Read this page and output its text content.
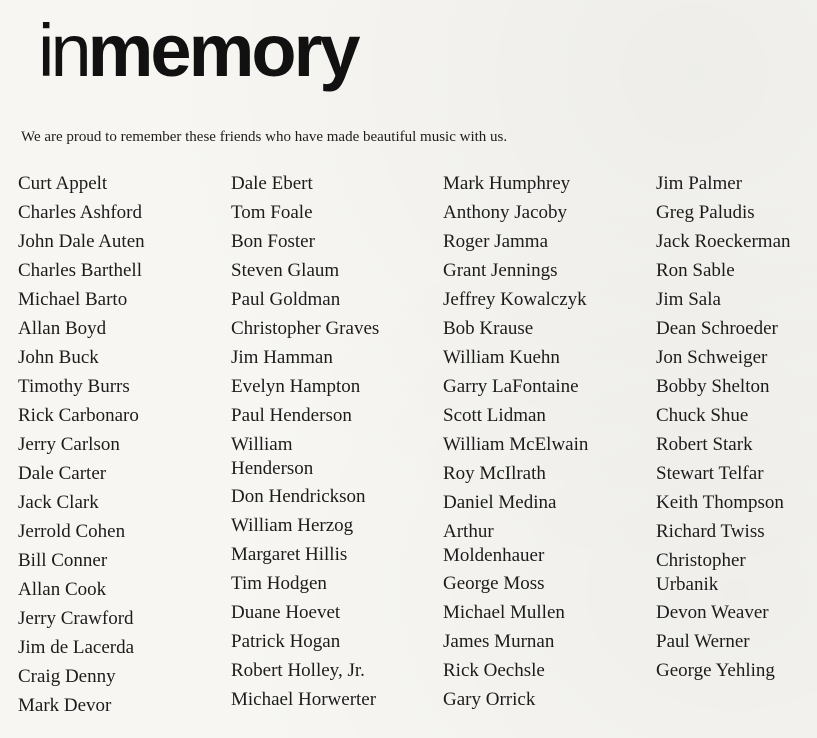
inmemory

We are proud to remember these friends who have made beautiful music with us.

Curt Appelt
Charles Ashford
John Dale Auten
Charles Barthell
Michael Barto
Allan Boyd
John Buck
Timothy Burrs
Rick Carbonaro
Jerry Carlson
Dale Carter
Jack Clark
Jerrold Cohen
Bill Conner
Allan Cook
Jerry Crawford
Jim de Lacerda
Craig Denny
Mark Devor
Dale Ebert
Tom Foale
Bon Foster
Steven Glaum
Paul Goldman
Christopher Graves
Jim Hamman
Evelyn Hampton
Paul Henderson
William
Henderson
Don Hendrickson
William Herzog
Margaret Hillis
Tim Hodgen
Duane Hoevet
Patrick Hogan
Robert Holley, Jr.
Michael Horwerter
Mark Humphrey
Anthony Jacoby
Roger Jamma
Grant Jennings
Jeffrey Kowalczyk
Bob Krause
William Kuehn
Garry LaFontaine
Scott Lidman
William McElwain
Roy McIlrath
Daniel Medina
Arthur
Moldenhauer
George Moss
Michael Mullen
James Murnan
Rick Oechsle
Gary Orrick
Jim Palmer
Greg Paludis
Jack Roeckerman
Ron Sable
Jim Sala
Dean Schroeder
Jon Schweiger
Bobby Shelton
Chuck Shue
Robert Stark
Stewart Telfar
Keith Thompson
Richard Twiss
Christopher
Urbanik
Devon Weaver
Paul Werner
George Yehling
